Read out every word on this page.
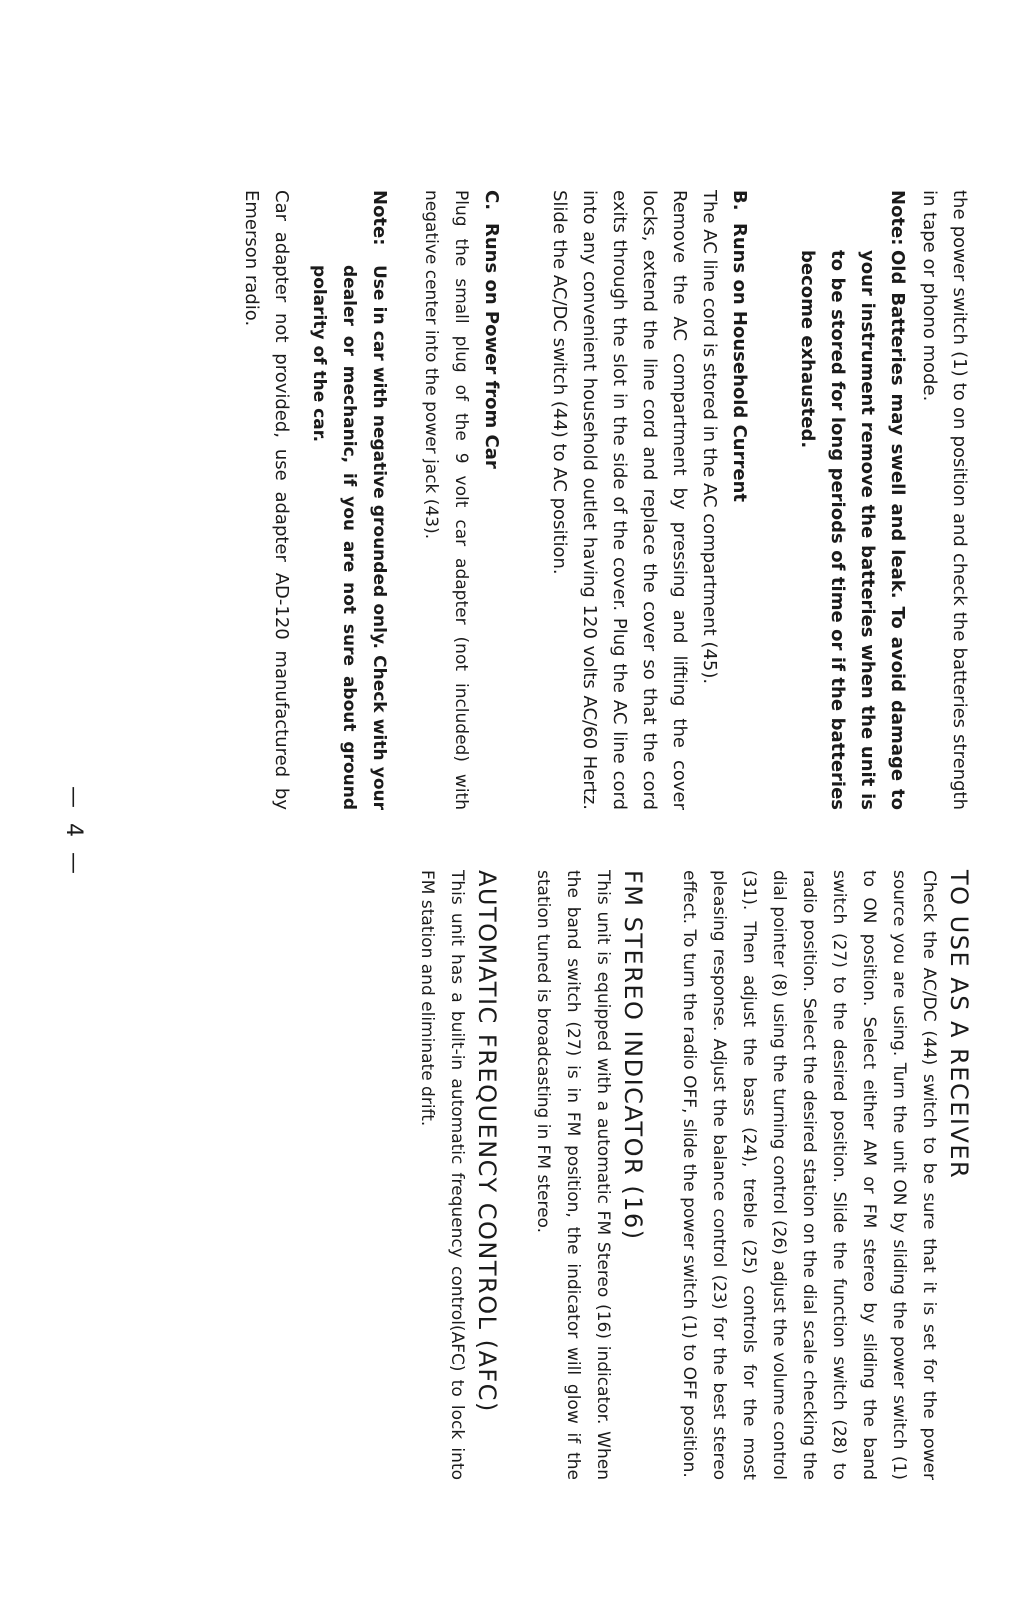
the power switch (1) to on position and check the batteries strength in tape or phono mode.

Note:
Old Batteries may swell and leak. To avoid damage to your instrument remove the batteries when the unit is to be stored for long periods of time or if the batteries become exhausted.
B.
Runs on Household Current

The AC line cord is stored in the AC compartment (45).

Remove the AC compartment by pressing and lifting the cover locks, extend the line cord and replace the cover so that the cord exits through the slot in the side of the cover. Plug the AC line cord into any convenient household outlet having 120 volts AC/60 Hertz. Slide the AC/DC switch (44) to AC position.

C.
Runs on Power from Car

Plug the small plug of the 9 volt car adapter (not included) with negative center into the power jack (43).

Note:
Use in car with negative grounded only. Check with your dealer or mechanic, if you are not sure about ground polarity of the car.

Car adapter not provided, use adapter AD-120 manufactured by Emerson radio.

TO USE AS A RECEIVER

Check the AC/DC (44) switch to be sure that it is set for the power source you are using. Turn the unit ON by sliding the power switch (1) to ON position. Select either AM or FM stereo by sliding the band switch (27) to the desired position. Slide the function switch (28) to radio position. Select the desired station on the dial scale checking the dial pointer (8) using the turning control (26) adjust the volume control (31). Then adjust the bass (24), treble (25) controls for the most pleasing response. Adjust the balance control (23) for the best stereo effect. To turn the radio OFF, slide the power switch (1) to OFF position.

FM STEREO INDICATOR (16)

This unit is equipped with a automatic FM Stereo (16) indicator. When the band switch (27) is in FM position, the indicator will glow if the station tuned is broadcasting in FM stereo.

AUTOMATIC FREQUENCY CONTROL (AFC)

This unit has a built-in automatic frequency control(AFC) to lock into FM station and eliminate drift.

— 4 —
